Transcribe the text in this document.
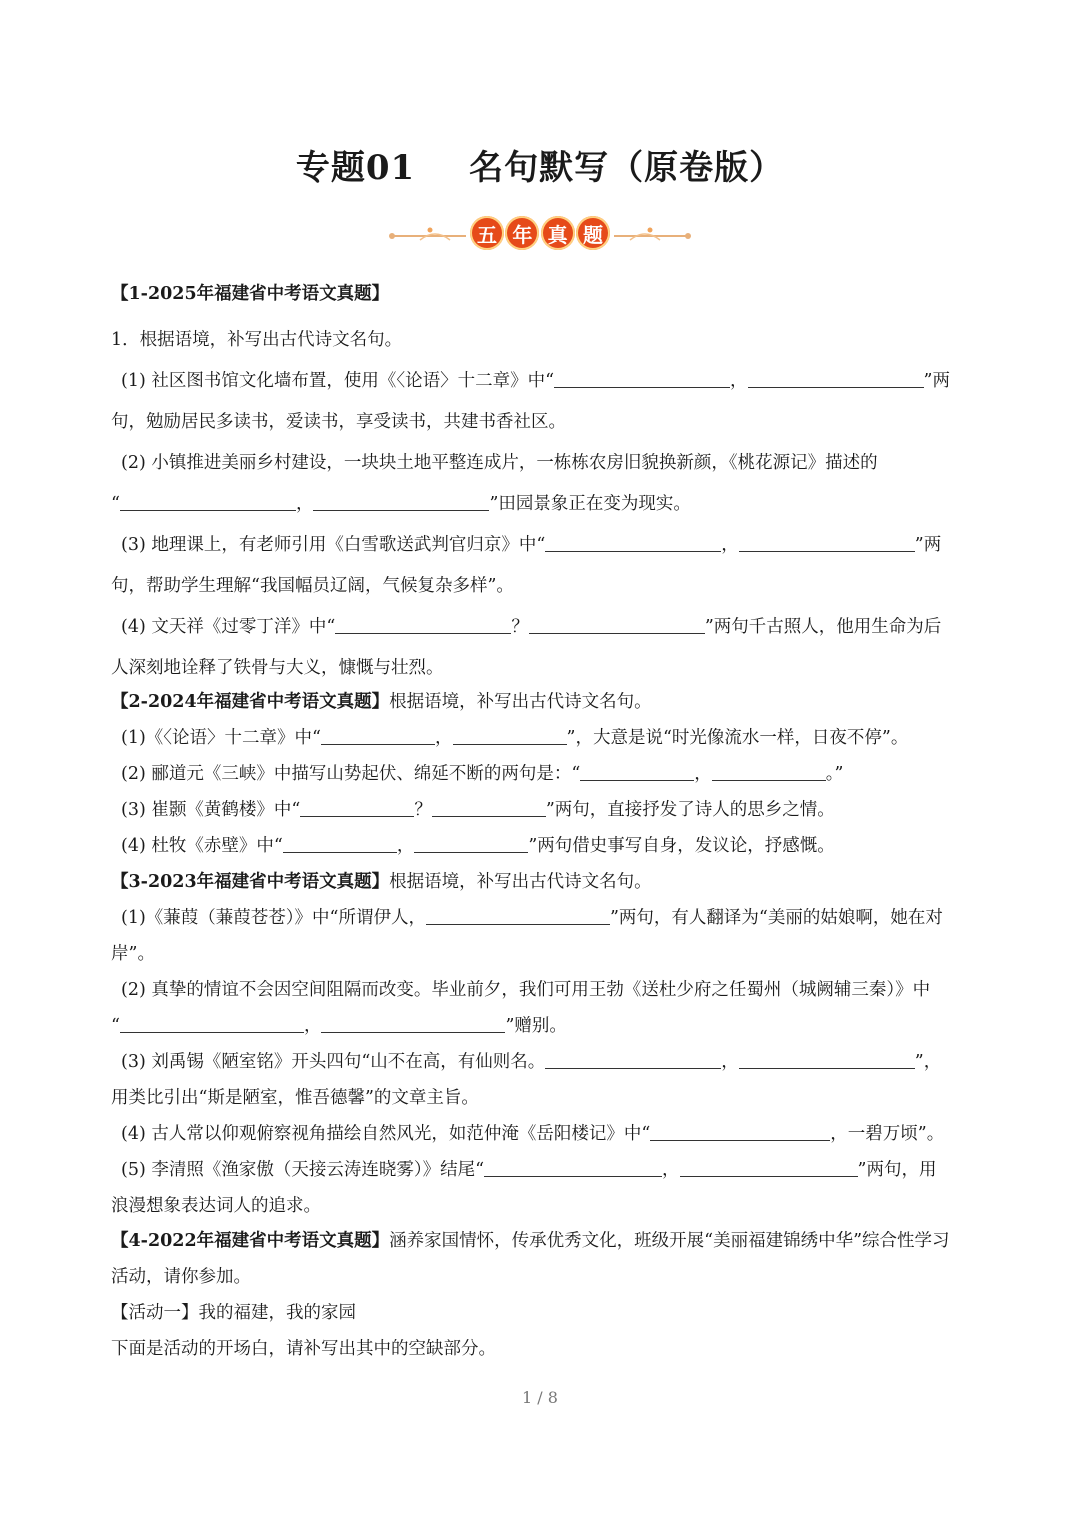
专题01 名句默写（原卷版）
五 年 真 题
【1-2025年福建省中考语文真题】
1．根据语境，补写出古代诗文名句。
(1) 社区图书馆文化墙布置，使用《〈论语〉十二章》中“	，	”两
句，勉励居民多读书，爱读书，享受读书，共建书香社区。
(2) 小镇推进美丽乡村建设，一块块土地平整连成片，一栋栋农房旧貌换新颜，《桃花源记》描述的
“	，	”田园景象正在变为现实。
(3) 地理课上，有老师引用《白雪歌送武判官归京》中“	，	”两
句，帮助学生理解“我国幅员辽阔，气候复杂多样”。
(4) 文天祥《过零丁洋》中“	？	”两句千古照人，他用生命为后
人深刻地诠释了铁骨与大义，慷慨与壮烈。
【2-2024年福建省中考语文真题】根据语境，补写出古代诗文名句。
(1)《〈论语〉十二章》中“	，	”，大意是说“时光像流水一样，日夜不停”。
(2) 郦道元《三峡》中描写山势起伏、绵延不断的两句是：“	，	。”
(3) 崔颢《黄鹤楼》中“	？	”两句，直接抒发了诗人的思乡之情。
(4) 杜牧《赤壁》中“	，	”两句借史事写自身，发议论，抒感慨。
【3-2023年福建省中考语文真题】根据语境，补写出古代诗文名句。
(1)《蒹葭（蒹葭苍苍）》中“所谓伊人，	”两句，有人翻译为“美丽的姑娘啊，她在对
岸”。
(2) 真挚的情谊不会因空间阻隔而改变。毕业前夕，我们可用王勃《送杜少府之任蜀州（城阙辅三秦）》中
“	，	”赠别。
(3) 刘禹锡《陋室铭》开头四句“山不在高，有仙则名。	，	”，
用类比引出“斯是陋室，惟吾德馨”的文章主旨。
(4) 古人常以仰观俯察视角描绘自然风光，如范仲淹《岳阳楼记》中“	，一碧万顷”。
(5) 李清照《渔家傲（天接云涛连晓雾）》结尾“	，	”两句，用
浪漫想象表达词人的追求。
【4-2022年福建省中考语文真题】涵养家国情怀，传承优秀文化，班级开展“美丽福建锦绣中华”综合性学习
活动，请你参加。
【活动一】我的福建，我的家园
下面是活动的开场白，请补写出其中的空缺部分。
1 / 8
